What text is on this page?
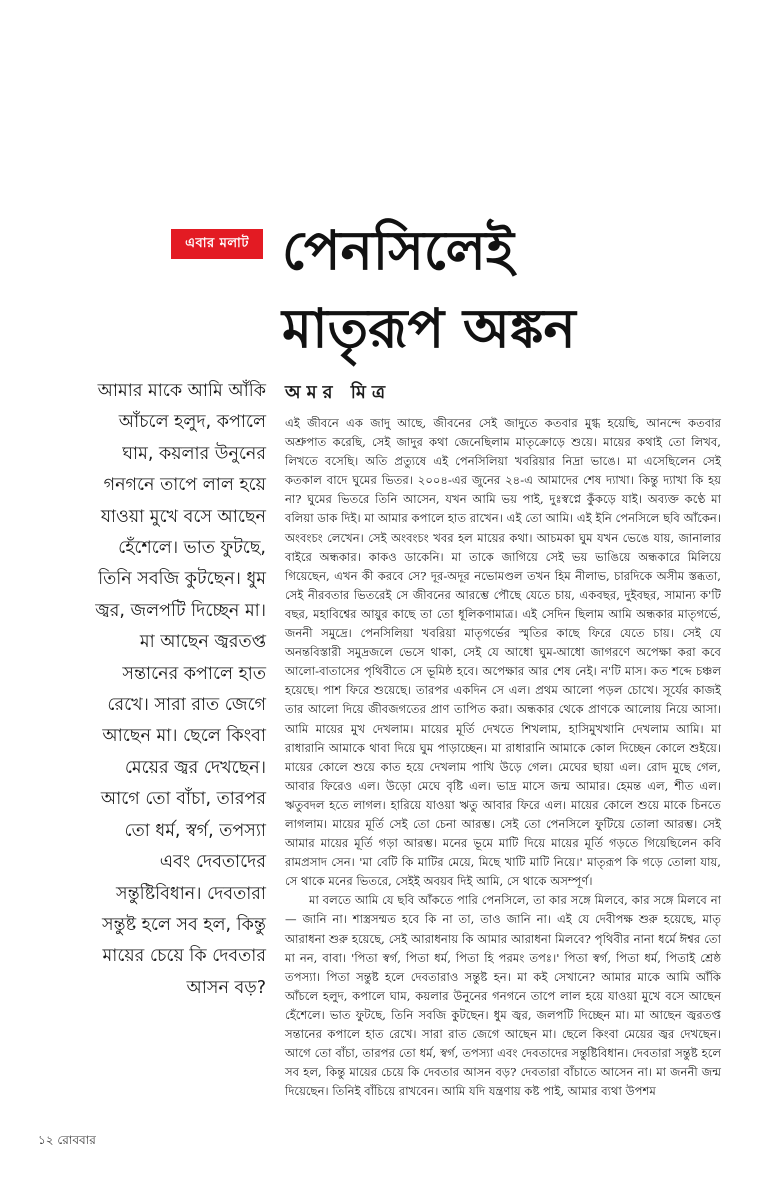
এবার মলাট পেনসিলেই
মাতৃরূপ অঙ্কন
আমার মাকে আমি আঁকি
আঁচলে হলুদ, কপালে
ঘাম, কয়লার উনুনের
গনগনে তাপে লাল হয়ে
যাওয়া মুখে বসে আছেন
হেঁশেলে। ভাত ফুটছে,
তিনি সবজি কুটছেন। ধুম
জ্বর, জলপটি দিচ্ছেন মা।
মা আছেন জ্বরতপ্ত
সন্তানের কপালে হাত
রেখে। সারা রাত জেগে
আছেন মা। ছেলে কিংবা
মেয়ের জ্বর দেখছেন।
আগে তো বাঁচা, তারপর
তো ধর্ম, স্বর্গ, তপস্যা
এবং দেবতাদের
সন্তুষ্টিবিধান। দেবতারা
সন্তুষ্ট হলে সব হল, কিন্তু
মায়ের চেয়ে কি দেবতার
আসন বড়?
অমর মিত্র

এই জীবনে এক জাদু আছে, জীবনের সেই জাদুতে কতবার মুগ্ধ হয়েছি, আনন্দে কতবার অশ্রুপাত করেছি, সেই জাদুর কথা জেনেছিলাম মাতৃক্রোড়ে শুয়ে। মায়ের কথাই তো লিখব, লিখতে বসেছি। অতি প্রত্যুষে এই পেনসিলিয়া খবরিয়ার নিদ্রা ভাঙে। মা এসেছিলেন সেই কতকাল বাদে ঘুমের ভিতর। ২০০৪-এর জুনের ২৪-এ আমাদের শেষ দ্যাখা। কিন্তু দ্যাখা কি হয় না? ঘুমের ভিতরে তিনি আসেন, যখন আমি ভয় পাই, দুঃস্বপ্নে কুঁকড়ে যাই। অব্যক্ত কণ্ঠে মা বলিয়া ডাক দিই। মা আমার কপালে হাত রাখেন। এই তো আমি। এই ইনি পেনসিলে ছবি আঁকেন। অংবংচং লেখেন। সেই অংবংচং খবর হল মায়ের কথা। আচমকা ঘুম যখন ভেঙে যায়, জানালার বাইরে অন্ধকার। কাকও ডাকেনি। মা তাকে জাগিয়ে সেই ভয় ভাঙিয়ে অন্ধকারে মিলিয়ে গিয়েছেন, এখন কী করবে সে? দূর-অদূর নভোমণ্ডল তখন হিম নীলাভ, চারদিকে অসীম স্তব্ধতা, সেই নীরবতার ভিতরেই সে জীবনের আরম্ভে পৌছে যেতে চায়, একবছর, দুইবছর, সামান্য ক'টি বছর, মহাবিশ্বের আয়ুর কাছে তা তো ধূলিকণামাত্র। এই সেদিন ছিলাম আমি অন্ধকার মাতৃগর্ভে, জননী সমুদ্রে। পেনসিলিয়া খবরিয়া মাতৃগর্ভের স্মৃতির কাছে ফিরে যেতে চায়। সেই যে অনন্তবিস্তারী সমুদ্রজলে ভেসে থাকা, সেই যে আধো ঘুম-আধো জাগরণে অপেক্ষা করা কবে আলো-বাতাসের পৃথিবীতে সে ভূমিষ্ঠ হবে। অপেক্ষার আর শেষ নেই। ন'টি মাস। কত শব্দে চঞ্চল হয়েছে। পাশ ফিরে শুয়েছে। তারপর একদিন সে এল। প্রথম আলো পড়ল চোখে। সূর্যের কাজই তার আলো দিয়ে জীবজগতের প্রাণ তাপিত করা। অন্ধকার থেকে প্রাণকে আলোয় নিয়ে আসা। আমি মায়ের মুখ দেখলাম। মায়ের মূর্তি দেখতে শিখলাম, হাসিমুখখানি দেখলাম আমি। মা রাধারানি আমাকে থাবা দিয়ে ঘুম পাড়াচ্ছেন। মা রাধারানি আমাকে কোল দিচ্ছেন কোলে শুইয়ে। মায়ের কোলে শুয়ে কাত হয়ে দেখলাম পাখি উড়ে গেল। মেঘের ছায়া এল। রোদ মুছে গেল, আবার ফিরেও এল। উড়ো মেঘে বৃষ্টি এল। ভাদ্র মাসে জন্ম আমার। হেমন্ত এল, শীত এল। ঋতুবদল হতে লাগল। হারিয়ে যাওয়া ঋতু আবার ফিরে এল। মায়ের কোলে শুয়ে মাকে চিনতে লাগলাম। মায়ের মূর্তি সেই তো চেনা আরম্ভ। সেই তো পেনসিলে ফুটিয়ে তোলা আরম্ভ। সেই আমার মায়ের মূর্তি গড়া আরম্ভ। মনের ভূমে মাটি দিয়ে মায়ের মূর্তি গড়তে গিয়েছিলেন কবি রামপ্রসাদ সেন। 'মা বেটি কি মাটির মেয়ে, মিছে খাটি মাটি নিয়ে।' মাতৃরূপ কি গড়ে তোলা যায়, সে থাকে মনের ভিতরে, সেইই অবয়ব দিই আমি, সে থাকে অসম্পূর্ণ।

মা বলতে আমি যে ছবি আঁকতে পারি পেনসিলে, তা কার সঙ্গে মিলবে, কার সঙ্গে মিলবে না— জানি না। শাস্ত্রসম্মত হবে কি না তা, তাও জানি না। এই যে দেবীপক্ষ শুরু হয়েছে, মাতৃ আরাধনা শুরু হয়েছে, সেই আরাধনায় কি আমার আরাধনা মিলবে? পৃথিবীর নানা ধর্মে ঈশ্বর তো মা নন, বাবা। 'পিতা স্বর্গ, পিতা ধর্ম, পিতা হি পরমং তপঃ।' পিতা স্বর্গ, পিতা ধর্ম, পিতাই শ্রেষ্ঠ তপস্যা। পিতা সন্তুষ্ট হলে দেবতারাও সন্তুষ্ট হন। মা কই সেখানে? আমার মাকে আমি আঁকি আঁচলে হলুদ, কপালে ঘাম, কয়লার উনুনের গনগনে তাপে লাল হয়ে যাওয়া মুখে বসে আছেন হেঁশেলে। ভাত ফুটছে, তিনি সবজি কুটছেন। ধুম জ্বর, জলপটি দিচ্ছেন মা। মা আছেন জ্বরতপ্ত সন্তানের কপালে হাত রেখে। সারা রাত জেগে আছেন মা। ছেলে কিংবা মেয়ের জ্বর দেখছেন। আগে তো বাঁচা, তারপর তো ধর্ম, স্বর্গ, তপস্যা এবং দেবতাদের সন্তুষ্টিবিধান। দেবতারা সন্তুষ্ট হলে সব হল, কিন্তু মায়ের চেয়ে কি দেবতার আসন বড়? দেবতারা বাঁচাতে আসেন না। মা জননী জন্ম দিয়েছেন। তিনিই বাঁচিয়ে রাখবেন। আমি যদি যন্ত্রণায় কষ্ট পাই, আমার ব্যথা উপশম

১২ রোববার
